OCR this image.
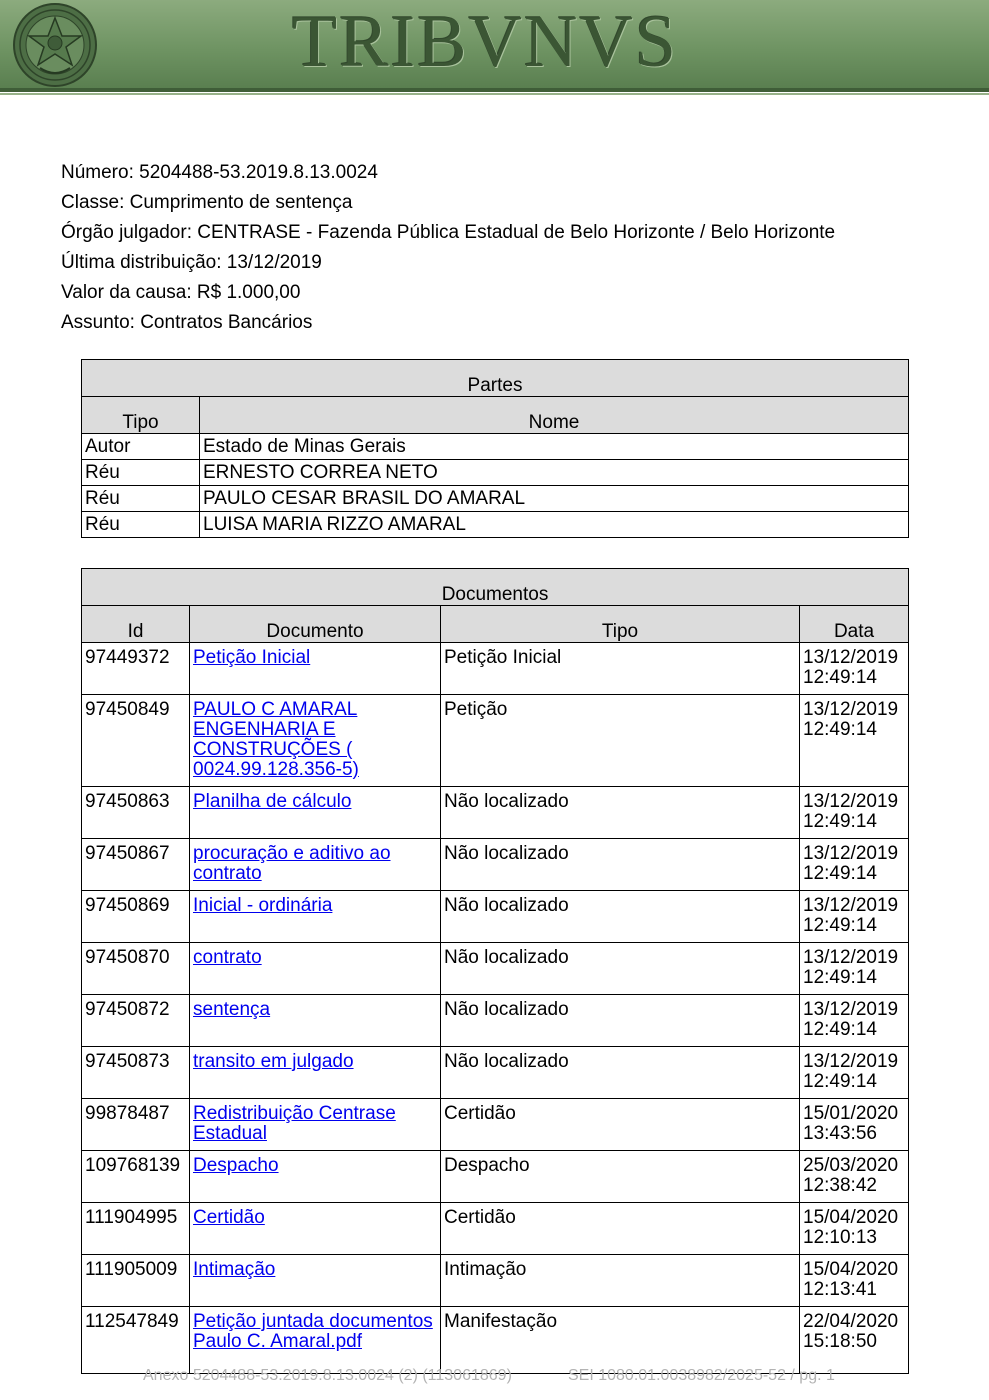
TRIBVNVS
Número: 5204488-53.2019.8.13.0024
Classe: Cumprimento de sentença
Órgão julgador: CENTRASE - Fazenda Pública Estadual de Belo Horizonte / Belo Horizonte
Última distribuição: 13/12/2019
Valor da causa: R$ 1.000,00
Assunto: Contratos Bancários
Partes	
Tipo	Nome
Autor	Estado de Minas Gerais
Réu	ERNESTO CORREA NETO
Réu	PAULO CESAR BRASIL DO AMARAL
Réu	LUISA MARIA RIZZO AMARAL
Documentos			
Id	Documento	Tipo	Data
97449372	Petição Inicial	Petição Inicial	13/12/2019 12:49:14
97450849	PAULO C AMARAL ENGENHARIA E CONSTRUÇÕES ( 0024.99.128.356-5)	Petição	13/12/2019 12:49:14
97450863	Planilha de cálculo	Não localizado	13/12/2019 12:49:14
97450867	procuração e aditivo ao contrato	Não localizado	13/12/2019 12:49:14
97450869	Inicial - ordinária	Não localizado	13/12/2019 12:49:14
97450870	contrato	Não localizado	13/12/2019 12:49:14
97450872	sentença	Não localizado	13/12/2019 12:49:14
97450873	transito em julgado	Não localizado	13/12/2019 12:49:14
99878487	Redistribuição Centrase Estadual	Certidão	15/01/2020 13:43:56
109768139	Despacho	Despacho	25/03/2020 12:38:42
111904995	Certidão	Certidão	15/04/2020 12:10:13
111905009	Intimação	Intimação	15/04/2020 12:13:41
112547849	Petição juntada documentos Paulo C. Amaral.pdf	Manifestação	22/04/2020 15:18:50
Anexo 5204488-53.2019.8.13.0024 (2) (113061869)	SEI 1080.01.0038982/2025-52 / pg. 1
